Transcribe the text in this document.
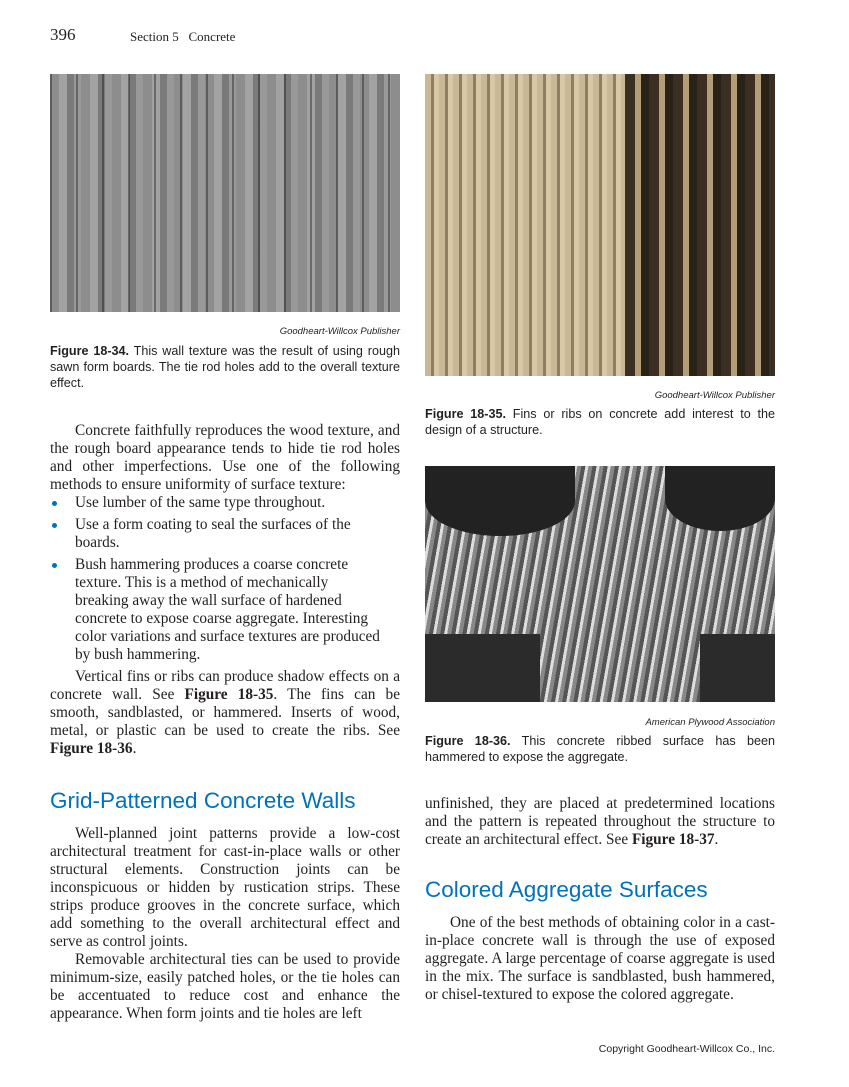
396	Section 5 Concrete
Goodheart-Willcox Publisher
Figure 18-34. This wall texture was the result of using rough sawn form boards. The tie rod holes add to the overall texture effect.

Concrete faithfully reproduces the wood texture, and the rough board appearance tends to hide tie rod holes and other imperfections. Use one of the following methods to ensure uniformity of surface texture:

Use lumber of the same type throughout.
Use a form coating to seal the surfaces of the boards.
Bush hammering produces a coarse concrete texture. This is a method of mechanically breaking away the wall surface of hardened concrete to expose coarse aggregate. Interesting color variations and surface textures are produced by bush hammering.

Vertical fins or ribs can produce shadow effects on a concrete wall. See Figure 18-35. The fins can be smooth, sandblasted, or hammered. Inserts of wood, metal, or plastic can be used to create the ribs. See Figure 18-36.

Grid-Patterned Concrete Walls

Well-planned joint patterns provide a low-cost architectural treatment for cast-in-place walls or other structural elements. Construction joints can be inconspicuous or hidden by rustication strips. These strips produce grooves in the concrete surface, which add something to the overall architectural effect and serve as control joints.

Removable architectural ties can be used to provide minimum-size, easily patched holes, or the tie holes can be accentuated to reduce cost and enhance the appearance. When form joints and tie holes are left

Goodheart-Willcox Publisher
Figure 18-35. Fins or ribs on concrete add interest to the design of a structure.
American Plywood Association
Figure 18-36. This concrete ribbed surface has been hammered to expose the aggregate.

unfinished, they are placed at predetermined locations and the pattern is repeated throughout the structure to create an architectural effect. See Figure 18-37.

Colored Aggregate Surfaces

One of the best methods of obtaining color in a cast-in-place concrete wall is through the use of exposed aggregate. A large percentage of coarse aggregate is used in the mix. The surface is sandblasted, bush hammered, or chisel-textured to expose the colored aggregate.

Copyright Goodheart-Willcox Co., Inc.
